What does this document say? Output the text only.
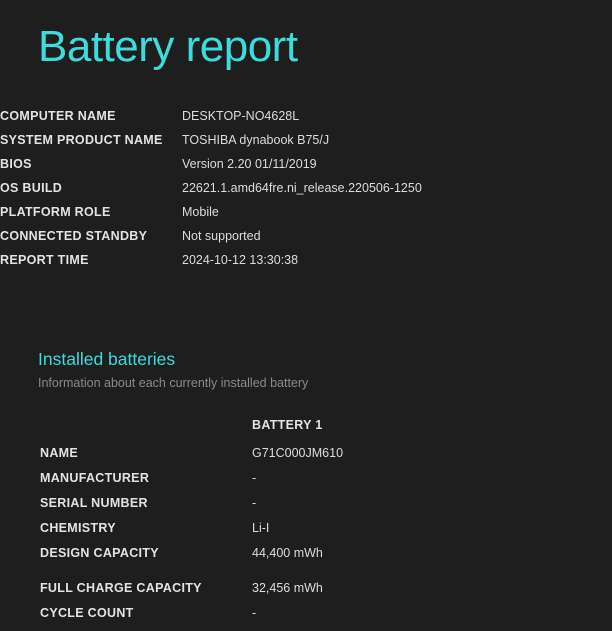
Battery report
COMPUTER NAME	DESKTOP-NO4628L
SYSTEM PRODUCT NAME	TOSHIBA dynabook B75/J
BIOS	Version 2.20 01/11/2019
OS BUILD	22621.1.amd64fre.ni_release.220506-1250
PLATFORM ROLE	Mobile
CONNECTED STANDBY	Not supported
REPORT TIME	2024-10-12 13:30:38
Installed batteries
Information about each currently installed battery
	BATTERY 1
NAME	G71C000JM610
MANUFACTURER	-
SERIAL NUMBER	-
CHEMISTRY	Li-I
DESIGN CAPACITY	44,400 mWh
FULL CHARGE CAPACITY	32,456 mWh
CYCLE COUNT	-
